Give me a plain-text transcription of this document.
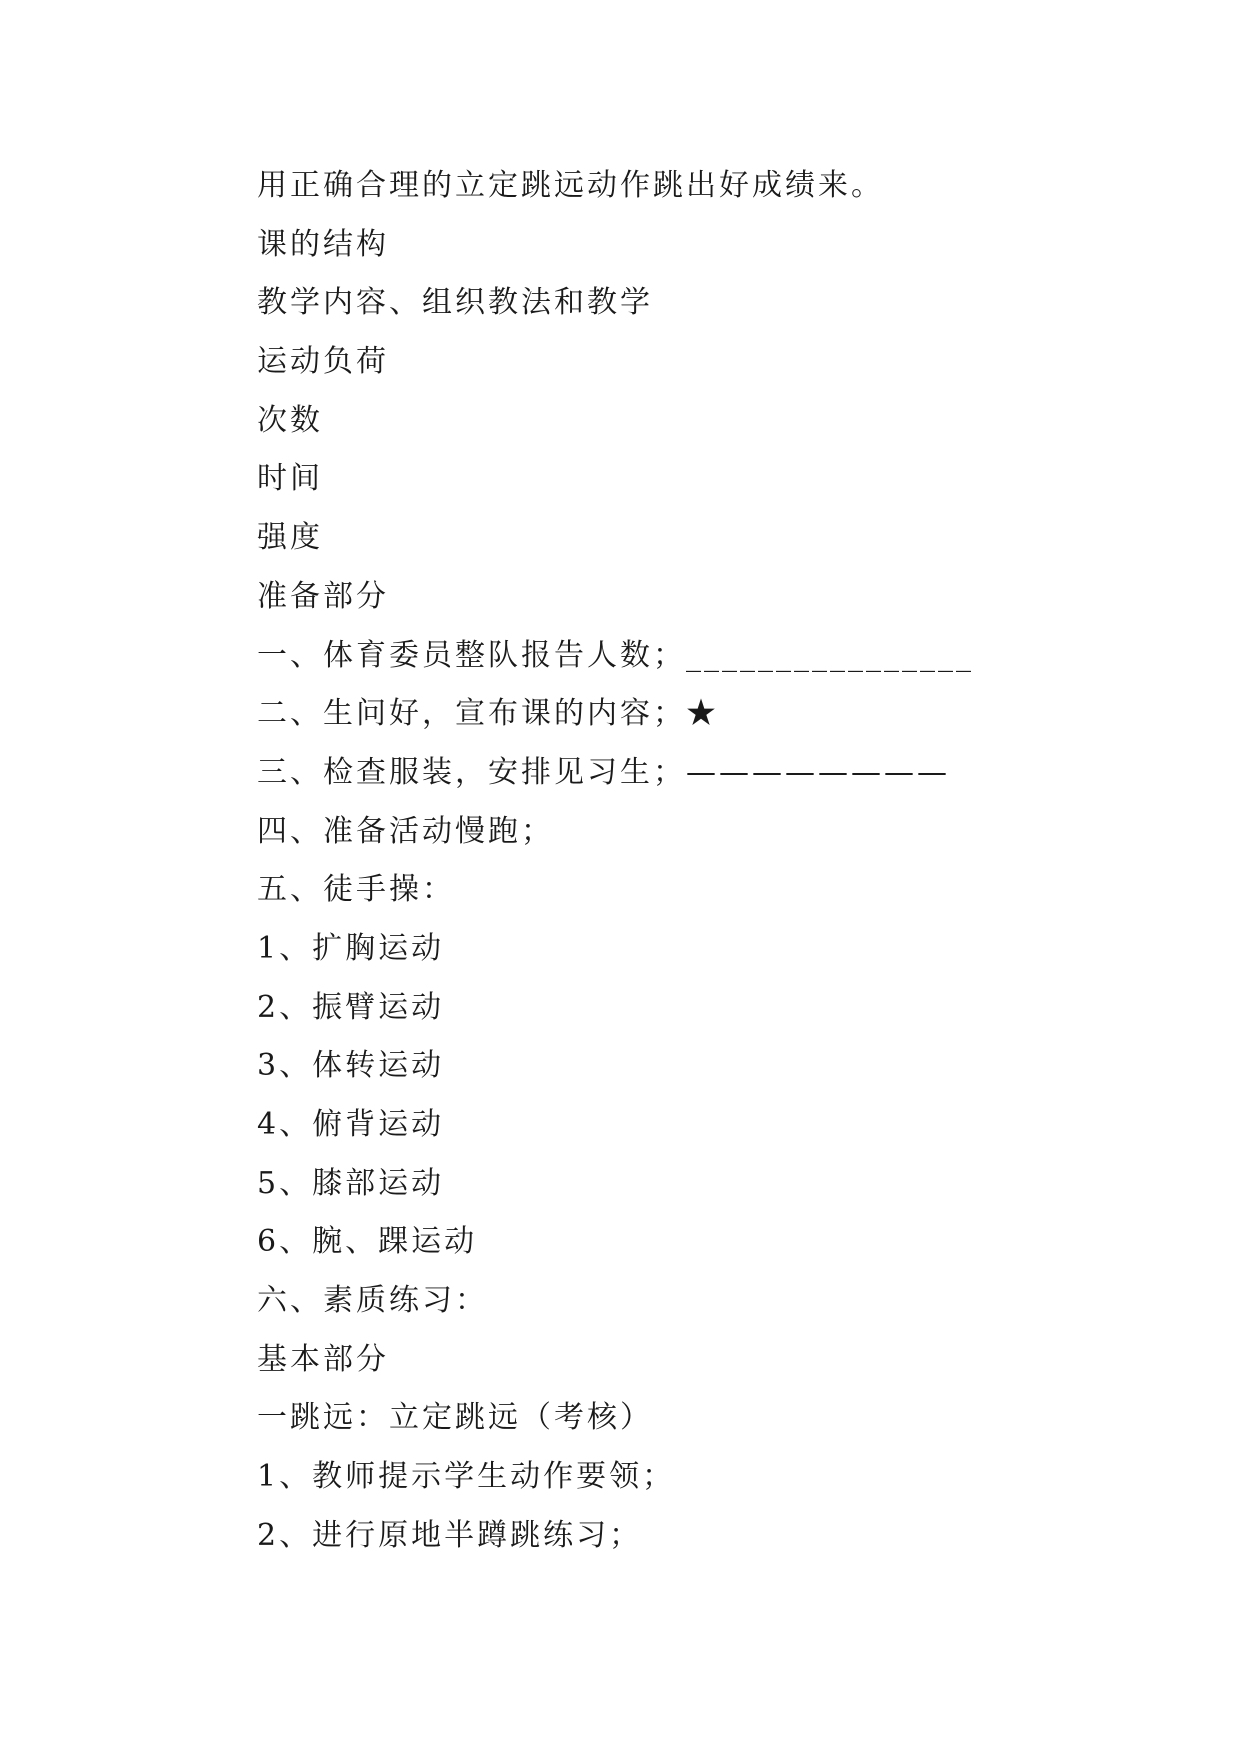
用正确合理的立定跳远动作跳出好成绩来。
课的结构
教学内容、组织教法和教学
运动负荷
次数
时间
强度
准备部分
一、体育委员整队报告人数；________________
二、生问好，宣布课的内容；★
三、检查服装，安排见习生；————————
四、准备活动慢跑；
五、徒手操：
1、扩胸运动
2、振臂运动
3、体转运动
4、俯背运动
5、膝部运动
6、腕、踝运动
六、素质练习：
基本部分
一跳远：立定跳远（考核）
1、教师提示学生动作要领；
2、进行原地半蹲跳练习；
